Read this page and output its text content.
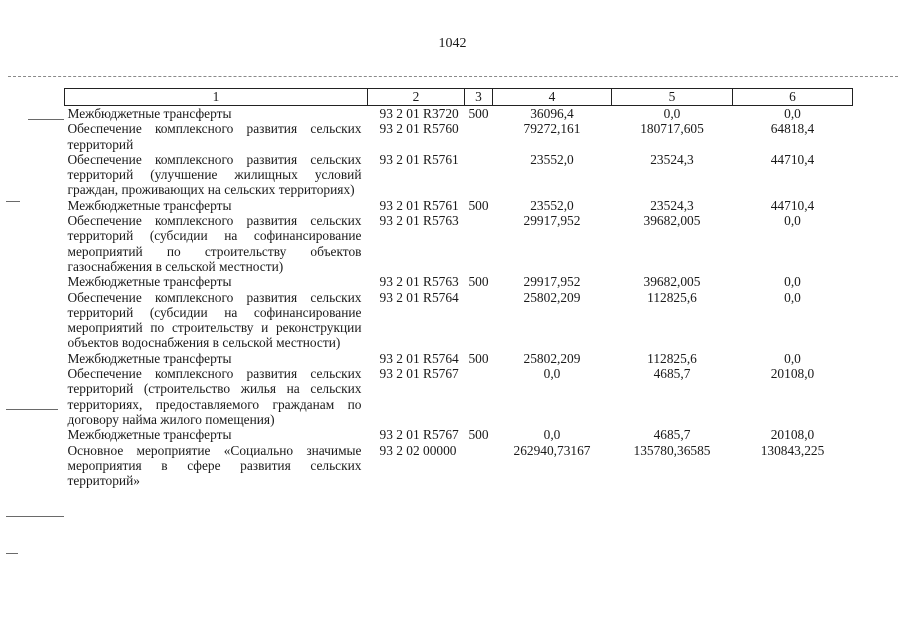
1042
1	2	3	4	5	6
Межбюджетные трансферты	93 2 01 R3720	500	36096,4	0,0	0,0
Обеспечение комплексного развития сельских территорий	93 2 01 R5760		79272,161	180717,605	64818,4
Обеспечение комплексного развития сельских территорий (улучшение жилищных условий граждан, проживающих на сельских территориях)	93 2 01 R5761		23552,0	23524,3	44710,4
Межбюджетные трансферты	93 2 01 R5761	500	23552,0	23524,3	44710,4
Обеспечение комплексного развития сельских территорий (субсидии на софинансирование мероприятий по строительству объектов газоснабжения в сельской местности)	93 2 01 R5763		29917,952	39682,005	0,0
Межбюджетные трансферты	93 2 01 R5763	500	29917,952	39682,005	0,0
Обеспечение комплексного развития сельских территорий (субсидии на софинансирование мероприятий по строительству и реконструкции объектов водоснабжения в сельской местности)	93 2 01 R5764		25802,209	112825,6	0,0
Межбюджетные трансферты	93 2 01 R5764	500	25802,209	112825,6	0,0
Обеспечение комплексного развития сельских территорий (строительство жилья на сельских территориях, предоставляемого гражданам по договору найма жилого помещения)	93 2 01 R5767		0,0	4685,7	20108,0
Межбюджетные трансферты	93 2 01 R5767	500	0,0	4685,7	20108,0
Основное мероприятие «Социально значимые мероприятия в сфере развития сельских территорий»	93 2 02 00000		262940,73167	135780,36585	130843,225
